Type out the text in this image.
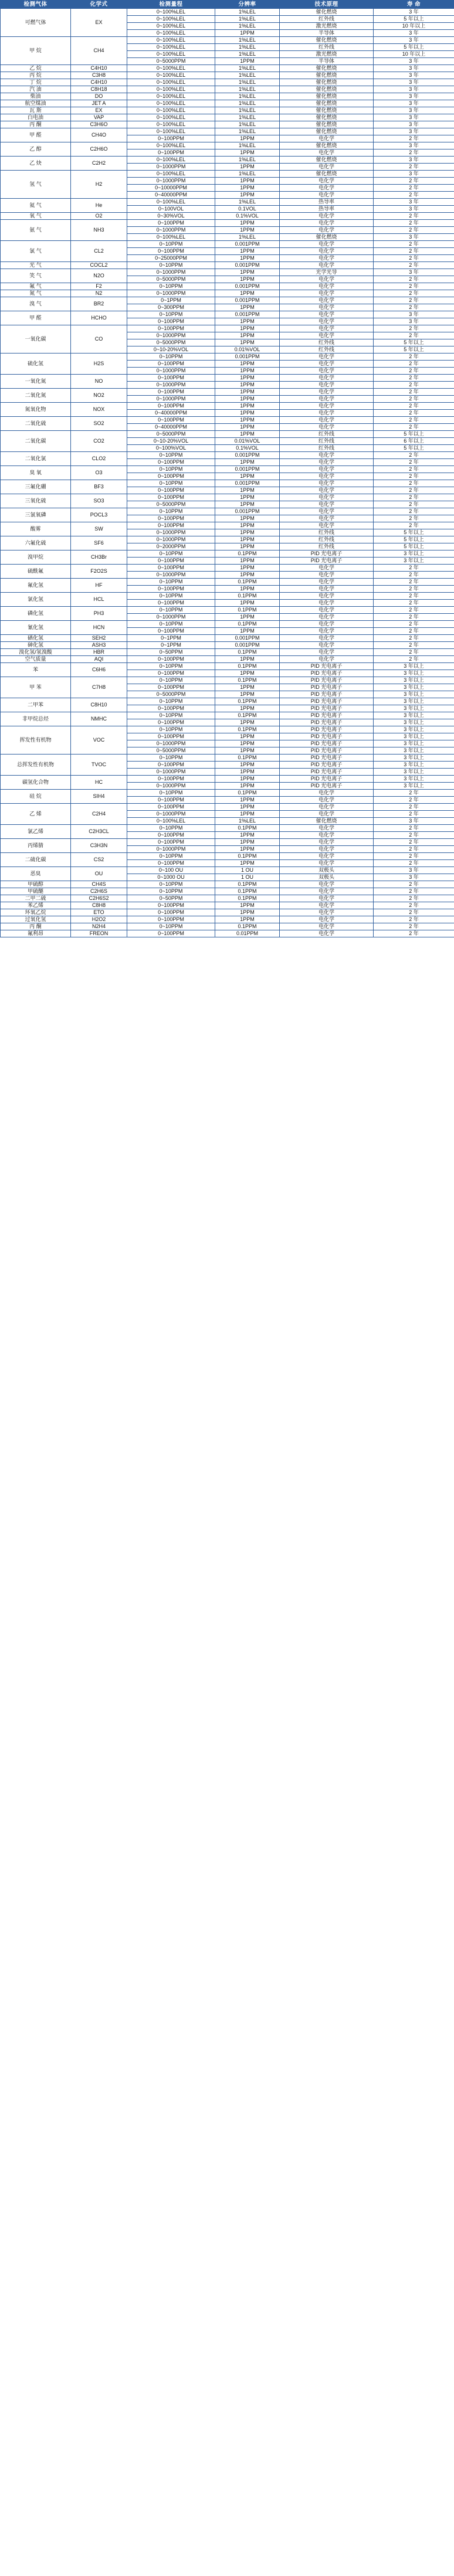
检测气体	化学式	检测量程	分辨率	技术原理	寿 命
可燃气体	EX	0~100%LEL	1%LEL	催化燃烧	3 年
		0~100%LEL	1%LEL	红外线	5 年以上
		0~100%LEL	1%LEL	激光燃烧	10 年以上
		0~100%LEL	1PPM	半导体	3 年
甲 烷	CH4	0~100%LEL	1%LEL	催化燃烧	3 年
		0~100%LEL	1%LEL	红外线	5 年以上
		0~100%LEL	1%LEL	激光燃烧	10 年以上
		0~5000PPM	1PPM	半导体	3 年
乙 烷	C4H10	0~100%LEL	1%LEL	催化燃烧	3 年
丙 烷	C3H8	0~100%LEL	1%LEL	催化燃烧	3 年
丁 烷	C4H10	0~100%LEL	1%LEL	催化燃烧	3 年
汽 油	C8H18	0~100%LEL	1%LEL	催化燃烧	3 年
柴油	DO	0~100%LEL	1%LEL	催化燃烧	3 年
航空煤油	JET A	0~100%LEL	1%LEL	催化燃烧	3 年
瓦 斯	EX	0~100%LEL	1%LEL	催化燃烧	3 年
白电油	VAP	0~100%LEL	1%LEL	催化燃烧	3 年
丙 酮	C3H6O	0~100%LEL	1%LEL	催化燃烧	3 年
甲 醛	CH4O	0~100%LEL	1%LEL	催化燃烧	3 年
		0~100PPM	1PPM	电化学	2 年
乙 醇	C2H6O	0~100%LEL	1%LEL	催化燃烧	3 年
		0~100PPM	1PPM	电化学	2 年
乙 炔	C2H2	0~100%LEL	1%LEL	催化燃烧	3 年
		0~1000PPM	1PPM	电化学	2 年
氢 气	H2	0~100%LEL	1%LEL	催化燃烧	3 年
		0~1000PPM	1PPM	电化学	2 年
		0~10000PPM	1PPM	电化学	2 年
		0~40000PPM	1PPM	电化学	2 年
氦 气	He	0~100%LEL	1%LEL	热导率	3 年
		0~100VOL	0.1VOL	热导率	3 年
氧 气	O2	0~30%VOL	0.1%VOL	电化学	2 年
氨 气	NH3	0~100PPM	1PPM	电化学	2 年
		0~1000PPM	1PPM	电化学	2 年
		0~100%LEL	1%LEL	催化燃烧	3 年
氯 气	CL2	0~10PPM	0.001PPM	电化学	2 年
		0~100PPM	1PPM	电化学	2 年
		0~25000PPM	1PPM	电化学	2 年
光 气	COCL2	0~10PPM	0.001PPM	电化学	2 年
笑 气	N2O	0~1000PPM	1PPM	光学光导	3 年
		0~5000PPM	1PPM	电化学	2 年
氟 气	F2	0~10PPM	0.001PPM	电化学	2 年
氮 气	N2	0~1000PPM	1PPM	电化学	2 年
溴 气	BR2	0~1PPM	0.001PPM	电化学	2 年
		0~300PPM	1PPM	电化学	2 年
甲 醛	HCHO	0~10PPM	0.001PPM	电化学	3 年
		0~100PPM	1PPM	电化学	3 年
一氧化碳	CO	0~100PPM	1PPM	电化学	2 年
		0~1000PPM	1PPM	电化学	2 年
		0~5000PPM	1PPM	红外线	5 年以上
		0~10-20%VOL	0.01%VOL	红外线	5 年以上
硫化氢	H2S	0~10PPM	0.001PPM	电化学	2 年
		0~100PPM	1PPM	电化学	2 年
		0~1000PPM	1PPM	电化学	2 年
一氧化氮	NO	0~100PPM	1PPM	电化学	2 年
		0~1000PPM	1PPM	电化学	2 年
二氧化氮	NO2	0~100PPM	1PPM	电化学	2 年
		0~1000PPM	1PPM	电化学	2 年
氮氧化物	NOX	0~100PPM	1PPM	电化学	2 年
		0~40000PPM	1PPM	电化学	2 年
二氧化硫	SO2	0~100PPM	1PPM	电化学	2 年
		0~40000PPM	1PPM	电化学	2 年
二氧化碳	CO2	0~5000PPM	1PPM	红外线	5 年以上
		0~10-20%VOL	0.01%VOL	红外线	6 年以上
		0~100%VOL	0.1%VOL	红外线	5 年以上
二氧化氯	CLO2	0~10PPM	0.001PPM	电化学	2 年
		0~100PPM	1PPM	电化学	2 年
臭 氧	O3	0~10PPM	0.001PPM	电化学	2 年
		0~100PPM	1PPM	电化学	2 年
三氟化硼	BF3	0~10PPM	0.001PPM	电化学	2 年
		0~100PPM	1PPM	电化学	2 年
三氧化硫	SO3	0~100PPM	1PPM	电化学	2 年
		0~5000PPM	1PPM	电化学	2 年
三氯氧磷	POCL3	0~10PPM	0.001PPM	电化学	2 年
		0~100PPM	1PPM	电化学	2 年
酸雾	SW	0~100PPM	1PPM	电化学	2 年
		0~1000PPM	1PPM	红外线	5 年以上
六氟化硫	SF6	0~1000PPM	1PPM	红外线	5 年以上
		0~2000PPM	1PPM	红外线	5 年以上
溴甲烷	CH3Br	0~10PPM	0.1PPM	PID 光电离子	3 年以上
		0~100PPM	1PPM	PID 光电离子	3 年以上
硫酰氟	F2O2S	0~100PPM	1PPM	电化学	2 年
		0~1000PPM	1PPM	电化学	2 年
氟化氢	HF	0~10PPM	0.1PPM	电化学	2 年
		0~100PPM	1PPM	电化学	2 年
氯化氢	HCL	0~10PPM	0.1PPM	电化学	2 年
		0~100PPM	1PPM	电化学	2 年
磷化氢	PH3	0~10PPM	0.1PPM	电化学	2 年
		0~1000PPM	1PPM	电化学	2 年
氰化氢	HCN	0~10PPM	0.1PPM	电化学	2 年
		0~100PPM	1PPM	电化学	2 年
硒化氢	SEH2	0~1PPM	0.001PPM	电化学	2 年
砷化氢	ASH3	0~1PPM	0.001PPM	电化学	2 年
溴化氢/氢溴酸	HBR	0~50PPM	0.1PPM	电化学	2 年
空气质量	AQI	0~100PPM	1PPM	电化学	2 年
苯	C6H6	0~10PPM	0.1PPM	PID 光电离子	3 年以上
		0~100PPM	1PPM	PID 光电离子	3 年以上
甲 苯	C7H8	0~10PPM	0.1PPM	PID 光电离子	3 年以上
		0~100PPM	1PPM	PID 光电离子	3 年以上
		0~5000PPM	1PPM	PID 光电离子	3 年以上
二甲苯	C8H10	0~10PPM	0.1PPM	PID 光电离子	3 年以上
		0~100PPM	1PPM	PID 光电离子	3 年以上
非甲烷总烃	NMHC	0~10PPM	0.1PPM	PID 光电离子	3 年以上
		0~100PPM	1PPM	PID 光电离子	3 年以上
挥发性有机物	VOC	0~10PPM	0.1PPM	PID 光电离子	3 年以上
		0~100PPM	1PPM	PID 光电离子	3 年以上
		0~1000PPM	1PPM	PID 光电离子	3 年以上
		0~5000PPM	1PPM	PID 光电离子	3 年以上
总挥发性有机物	TVOC	0~10PPM	0.1PPM	PID 光电离子	3 年以上
		0~100PPM	1PPM	PID 光电离子	3 年以上
		0~1000PPM	1PPM	PID 光电离子	3 年以上
碳氢化合物	HC	0~100PPM	1PPM	PID 光电离子	3 年以上
		0~1000PPM	1PPM	PID 光电离子	3 年以上
硅 烷	SIH4	0~10PPM	0.1PPM	电化学	2 年
		0~100PPM	1PPM	电化学	2 年
乙 烯	C2H4	0~100PPM	1PPM	电化学	2 年
		0~1000PPM	1PPM	电化学	2 年
		0~100%LEL	1%LEL	催化燃烧	3 年
氯乙烯	C2H3CL	0~10PPM	0.1PPM	电化学	2 年
		0~100PPM	1PPM	电化学	2 年
丙烯腈	C3H3N	0~100PPM	1PPM	电化学	2 年
		0~1000PPM	1PPM	电化学	2 年
二硫化碳	CS2	0~10PPM	0.1PPM	电化学	2 年
		0~100PPM	1PPM	电化学	2 年
恶臭	OU	0~100 OU	1 OU	双极头	3 年
		0~1000 OU	1 OU	双极头	3 年
甲硫醇	CH4S	0~10PPM	0.1PPM	电化学	2 年
甲硫醚	C2H6S	0~10PPM	0.1PPM	电化学	2 年
二甲二硫	C2H6S2	0~50PPM	0.1PPM	电化学	2 年
苯乙烯	C8H8	0~100PPM	1PPM	电化学	2 年
环氧乙烷	ETO	0~100PPM	1PPM	电化学	2 年
过氧化氢	H2O2	0~100PPM	1PPM	电化学	2 年
丙 酮	N2H4	0~10PPM	0.1PPM	电化学	2 年
氟利昂	FREON	0~100PPM	0.01PPM	电化学	2 年
